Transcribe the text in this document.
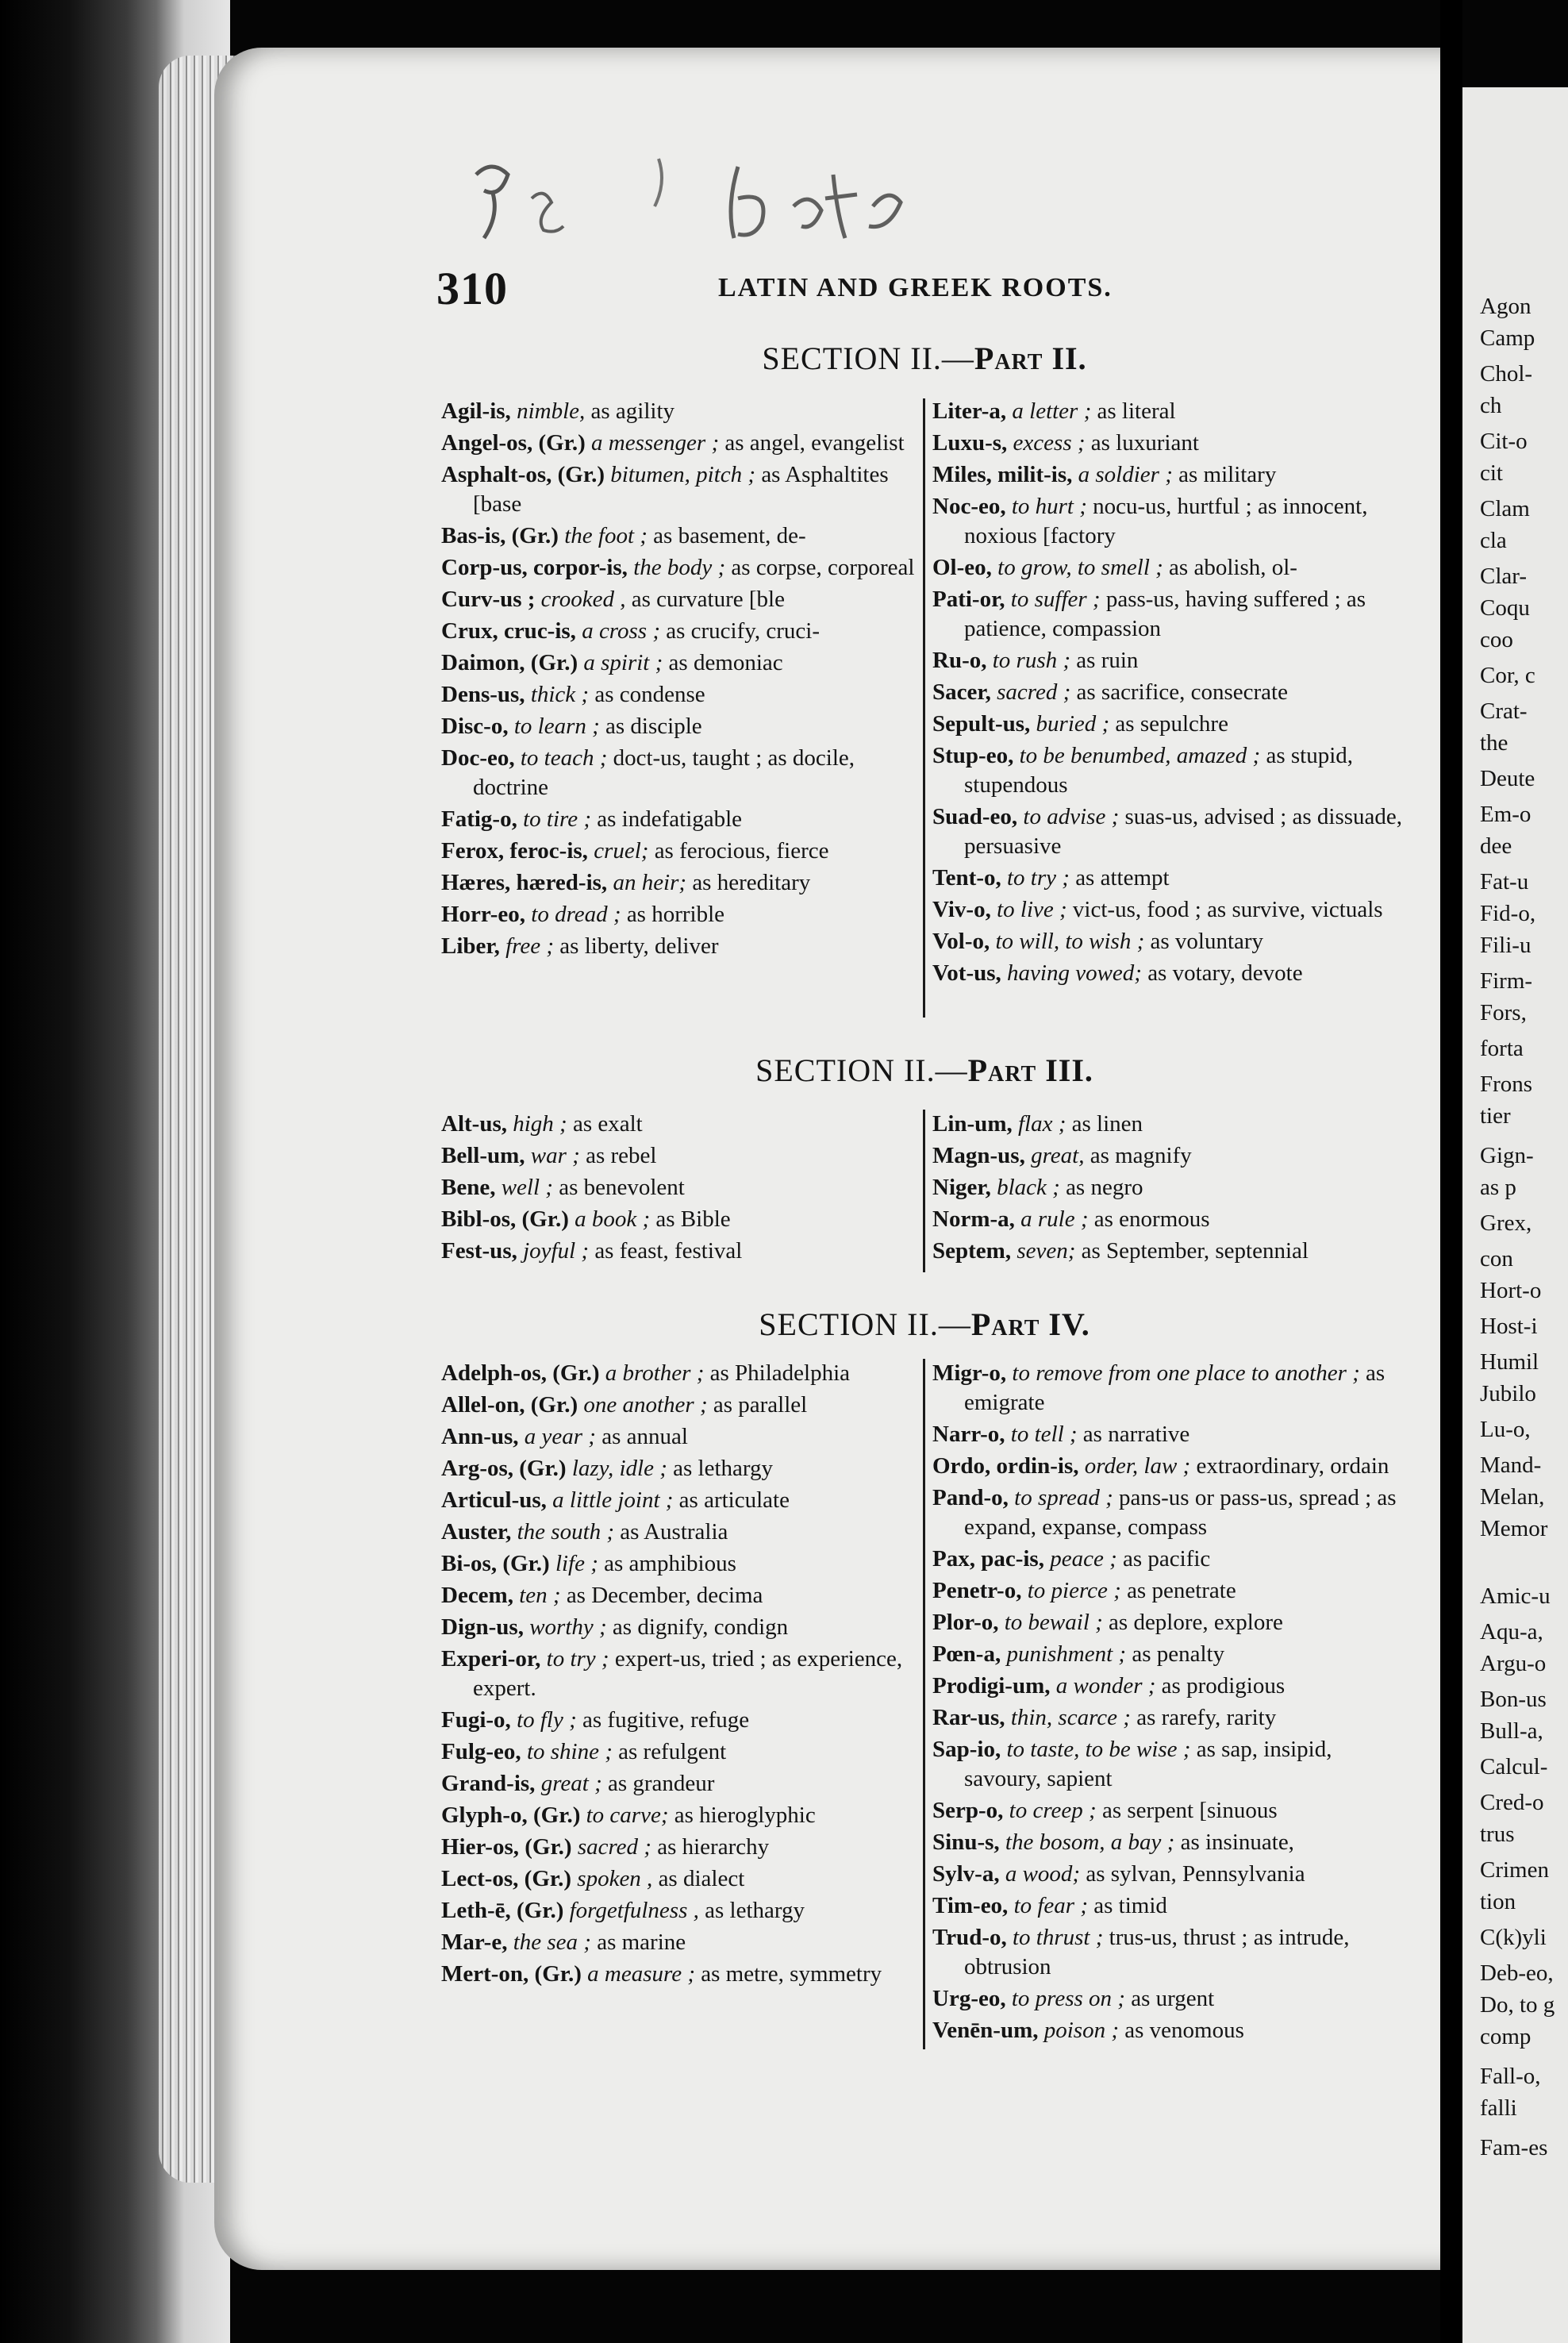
Agon
Camp
Chol-
ch
Cit-o
cit
Clam
cla
Clar-
Coqu
coo
Cor, c
Crat-
the
Deute
Em-o
dee
Fat-u
Fid-o,
Fili-u
Firm-
Fors,
forta
Frons
tier
Gign-
as p
Grex,
con
Hort-o
Host-i
Humil
Jubilo
Lu-o,
Mand-
Melan,
Memor
Amic-u
Aqu-a,
Argu-o
Bon-us
Bull-a,
Calcul-
Cred-o
trus
Crimen
tion
C(k)yli
Deb-eo,
Do, to g
comp
Fall-o,
falli
Fam-es
310	LATIN AND GREEK ROOTS.
SECTION II.—Part II.
Agil-is, nimble, as agility
Angel-os, (Gr.) a messenger ; as angel, evangelist
Asphalt-os, (Gr.) bitumen, pitch ; as Asphaltites [base
Bas-is, (Gr.) the foot ; as basement, de-
Corp-us, corpor-is, the body ; as corpse, corporeal
Curv-us ; crooked , as curvature [ble
Crux, cruc-is, a cross ; as crucify, cruci-
Daimon, (Gr.) a spirit ; as demoniac
Dens-us, thick ; as condense
Disc-o, to learn ; as disciple
Doc-eo, to teach ; doct-us, taught ; as docile, doctrine
Fatig-o, to tire ; as indefatigable
Ferox, feroc-is, cruel; as ferocious, fierce
Hæres, hæred-is, an heir; as hereditary
Horr-eo, to dread ; as horrible
Liber, free ; as liberty, deliver
Liter-a, a letter ; as literal
Luxu-s, excess ; as luxuriant
Miles, milit-is, a soldier ; as military
Noc-eo, to hurt ; nocu-us, hurtful ; as innocent, noxious [factory
Ol-eo, to grow, to smell ; as abolish, ol-
Pati-or, to suffer ; pass-us, having suffered ; as patience, compassion
Ru-o, to rush ; as ruin
Sacer, sacred ; as sacrifice, consecrate
Sepult-us, buried ; as sepulchre
Stup-eo, to be benumbed, amazed ; as stupid, stupendous
Suad-eo, to advise ; suas-us, advised ; as dissuade, persuasive
Tent-o, to try ; as attempt
Viv-o, to live ; vict-us, food ; as survive, victuals
Vol-o, to will, to wish ; as voluntary
Vot-us, having vowed; as votary, devote
SECTION II.—Part III.
Alt-us, high ; as exalt
Bell-um, war ; as rebel
Bene, well ; as benevolent
Bibl-os, (Gr.) a book ; as Bible
Fest-us, joyful ; as feast, festival
Lin-um, flax ; as linen
Magn-us, great, as magnify
Niger, black ; as negro
Norm-a, a rule ; as enormous
Septem, seven; as September, septennial
SECTION II.—Part IV.
Adelph-os, (Gr.) a brother ; as Philadelphia
Allel-on, (Gr.) one another ; as parallel
Ann-us, a year ; as annual
Arg-os, (Gr.) lazy, idle ; as lethargy
Articul-us, a little joint ; as articulate
Auster, the south ; as Australia
Bi-os, (Gr.) life ; as amphibious
Decem, ten ; as December, decima
Dign-us, worthy ; as dignify, condign
Experi-or, to try ; expert-us, tried ; as experience, expert.
Fugi-o, to fly ; as fugitive, refuge
Fulg-eo, to shine ; as refulgent
Grand-is, great ; as grandeur
Glyph-o, (Gr.) to carve; as hieroglyphic
Hier-os, (Gr.) sacred ; as hierarchy
Lect-os, (Gr.) spoken , as dialect
Leth-ē, (Gr.) forgetfulness , as lethargy
Mar-e, the sea ; as marine
Mert-on, (Gr.) a measure ; as metre, symmetry
Migr-o, to remove from one place to another ; as emigrate
Narr-o, to tell ; as narrative
Ordo, ordin-is, order, law ; extraordinary, ordain
Pand-o, to spread ; pans-us or pass-us, spread ; as expand, expanse, compass
Pax, pac-is, peace ; as pacific
Penetr-o, to pierce ; as penetrate
Plor-o, to bewail ; as deplore, explore
Pœn-a, punishment ; as penalty
Prodigi-um, a wonder ; as prodigious
Rar-us, thin, scarce ; as rarefy, rarity
Sap-io, to taste, to be wise ; as sap, insipid, savoury, sapient
Serp-o, to creep ; as serpent [sinuous
Sinu-s, the bosom, a bay ; as insinuate,
Sylv-a, a wood; as sylvan, Pennsylvania
Tim-eo, to fear ; as timid
Trud-o, to thrust ; trus-us, thrust ; as intrude, obtrusion
Urg-eo, to press on ; as urgent
Venēn-um, poison ; as venomous
